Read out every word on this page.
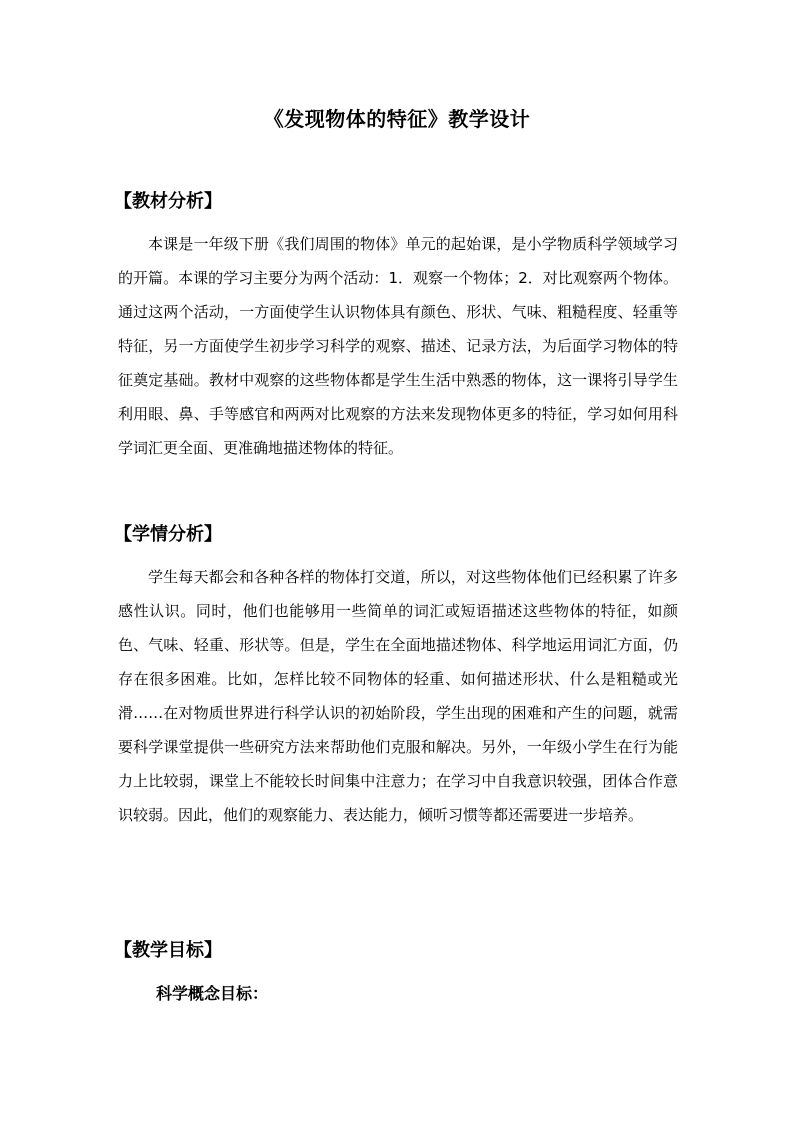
《发现物体的特征》教学设计
【教材分析】

本课是一年级下册《我们周围的物体》单元的起始课，是小学物质科学领域学习的开篇。本课的学习主要分为两个活动：1．观察一个物体；2．对比观察两个物体。通过这两个活动，一方面使学生认识物体具有颜色、形状、气味、粗糙程度、轻重等特征，另一方面使学生初步学习科学的观察、描述、记录方法，为后面学习物体的特征奠定基础。教材中观察的这些物体都是学生生活中熟悉的物体，这一课将引导学生利用眼、鼻、手等感官和两两对比观察的方法来发现物体更多的特征，学习如何用科学词汇更全面、更准确地描述物体的特征。

【学情分析】

学生每天都会和各种各样的物体打交道，所以，对这些物体他们已经积累了许多感性认识。同时，他们也能够用一些简单的词汇或短语描述这些物体的特征，如颜色、气味、轻重、形状等。但是，学生在全面地描述物体、科学地运用词汇方面，仍存在很多困难。比如，怎样比较不同物体的轻重、如何描述形状、什么是粗糙或光滑……在对物质世界进行科学认识的初始阶段，学生出现的困难和产生的问题，就需要科学课堂提供一些研究方法来帮助他们克服和解决。另外，一年级小学生在行为能力上比较弱，课堂上不能较长时间集中注意力；在学习中自我意识较强，团体合作意识较弱。因此，他们的观察能力、表达能力，倾听习惯等都还需要进一步培养。

【教学目标】
科学概念目标：
